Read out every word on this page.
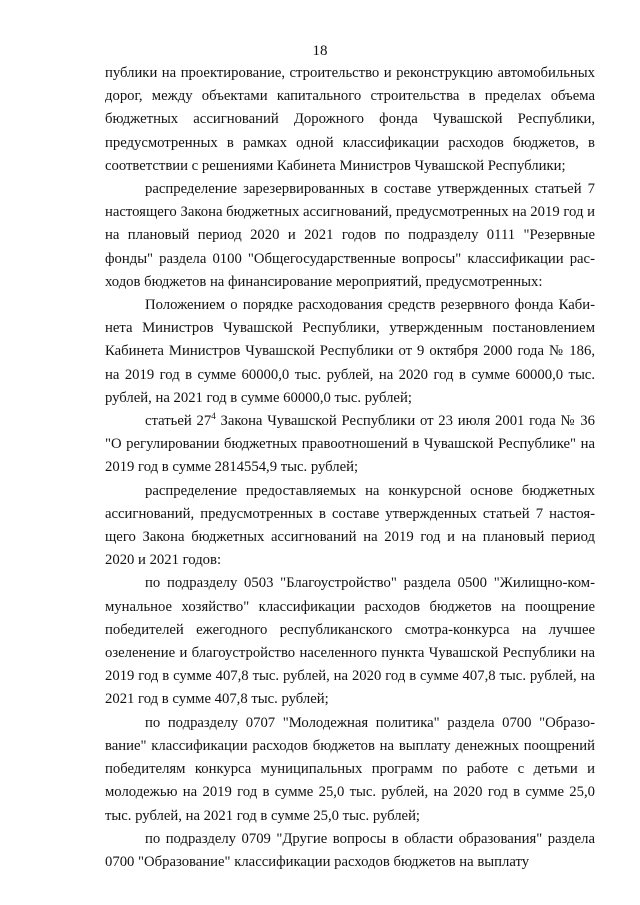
18

публики на проектирование, строительство и реконструкцию автомобильных дорог, между объектами капитального строительства в пределах объема бюджетных ассигнований Дорожного фонда Чувашской Республики, предусмотренных в рамках одной классификации расходов бюджетов, в соответствии с решениями Кабинета Министров Чувашской Республики;

распределение зарезервированных в составе утвержденных статьей 7 настоящего Закона бюджетных ассигнований, предусмотренных на 2019 год и на плановый период 2020 и 2021 годов по подразделу 0111 "Резервные фонды" раздела 0100 "Общегосударственные вопросы" классификации расходов бюджетов на финансирование мероприятий, предусмотренных:

Положением о порядке расходования средств резервного фонда Кабинета Министров Чувашской Республики, утвержденным постановлением Кабинета Министров Чувашской Республики от 9 октября 2000 года № 186, на 2019 год в сумме 60000,0 тыс. рублей, на 2020 год в сумме 60000,0 тыс. рублей, на 2021 год в сумме 60000,0 тыс. рублей;

статьей $27^4$ Закона Чувашской Республики от 23 июля 2001 года № 36 "О регулировании бюджетных правоотношений в Чувашской Республике" на 2019 год в сумме 2814554,9 тыс. рублей;

распределение предоставляемых на конкурсной основе бюджетных ассигнований, предусмотренных в составе утвержденных статьей 7 настоящего Закона бюджетных ассигнований на 2019 год и на плановый период 2020 и 2021 годов:

по подразделу 0503 "Благоустройство" раздела 0500 "Жилищно-коммунальное хозяйство" классификации расходов бюджетов на поощрение победителей ежегодного республиканского смотра-конкурса на лучшее озеленение и благоустройство населенного пункта Чувашской Республики на 2019 год в сумме 407,8 тыс. рублей, на 2020 год в сумме 407,8 тыс. рублей, на 2021 год в сумме 407,8 тыс. рублей;

по подразделу 0707 "Молодежная политика" раздела 0700 "Образование" классификации расходов бюджетов на выплату денежных поощрений победителям конкурса муниципальных программ по работе с детьми и молодежью на 2019 год в сумме 25,0 тыс. рублей, на 2020 год в сумме 25,0 тыс. рублей, на 2021 год в сумме 25,0 тыс. рублей;

по подразделу 0709 "Другие вопросы в области образования" раздела 0700 "Образование" классификации расходов бюджетов на выплату
